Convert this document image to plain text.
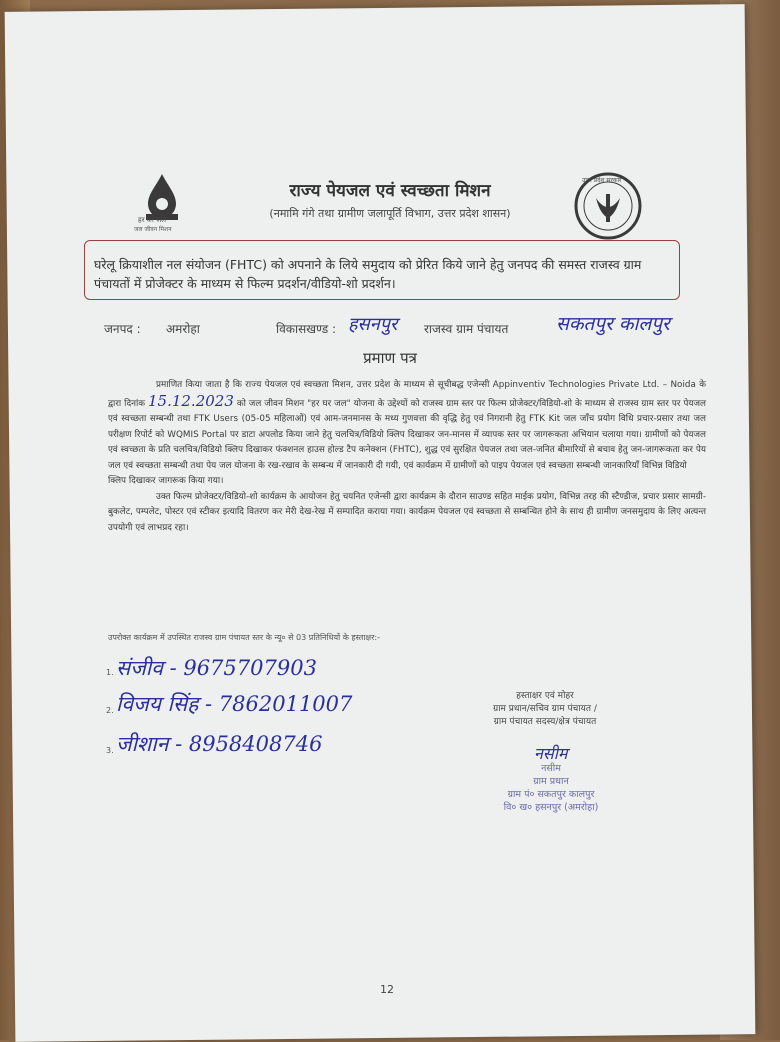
हर घर जल
जल जीवन मिशन
उत्तर प्रदेश सरकार
राज्य पेयजल एवं स्वच्छता मिशन
(नमामि गंगे तथा ग्रामीण जलापूर्ति विभाग, उत्तर प्रदेश शासन)
घरेलू क्रियाशील नल संयोजन (FHTC) को अपनाने के लिये समुदाय को प्रेरित किये जाने हेतु जनपद की समस्त राजस्व ग्राम पंचायतों में प्रोजेक्टर के माध्यम से फिल्म प्रदर्शन/वीडियो-शो प्रदर्शन।
जनपद : अमरोहा	विकासखण्ड : हसनपुर राजस्व ग्राम पंचायत	सकतपुर कालपुर
प्रमाण पत्र

प्रमाणित किया जाता है कि राज्य पेयजल एवं स्वच्छता मिशन, उत्तर प्रदेश के माध्यम से सूचीबद्ध एजेन्सी Appinventiv Technologies Private Ltd. – Noida के द्वारा दिनांक 15.12.2023 को जल जीवन मिशन "हर घर जल" योजना के उद्देश्यों को राजस्व ग्राम स्तर पर फिल्म प्रोजेक्टर/विडियो-शो के माध्यम से राजस्व ग्राम स्तर पर पेयजल एवं स्वच्छता सम्बन्धी तथा FTK Users (05-05 महिलाओं) एवं आम-जनमानस के मध्य गुणवत्ता की वृद्धि हेतु एवं निगरानी हेतु FTK Kit जल जाँच प्रयोग विधि प्रचार-प्रसार तथा जल परीक्षण रिपोर्ट को WQMIS Portal पर डाटा अपलोड किया जाने हेतु चलचित्र/विडियो क्लिप दिखाकर जन-मानस में व्यापक स्तर पर जागरूकता अभियान चलाया गया। ग्रामीणों को पेयजल एवं स्वच्छता के प्रति चलचित्र/विडियो क्लिप दिखाकर फंक्शनल हाउस होल्ड टैप कनेक्शन (FHTC), शुद्ध एवं सुरक्षित पेयजल तथा जल-जनित बीमारियों से बचाव हेतु जन-जागरूकता कर पेय जल एवं स्वच्छता सम्बन्धी तथा पेय जल योजना के रख-रखाव के सम्बन्ध में जानकारी दी गयी, एवं कार्यक्रम में ग्रामीणों को पाइप पेयजल एवं स्वच्छता सम्बन्धी जानकारियाँ विभिन्न विडियो

क्लिप दिखाकर जागरूक किया गया।

उक्त फिल्म प्रोजेक्टर/विडियो-शो कार्यक्रम के आयोजन हेतु चयनित एजेन्सी द्वारा कार्यक्रम के दौरान साउण्ड सहित माईक प्रयोग, विभिन्न तरह की स्टैण्डीज, प्रचार प्रसार सामग्री-बुकलेट, पम्पलेट, पोस्टर एवं स्टीकर इत्यादि वितरण कर मेरी देख-रेख में सम्पादित कराया गया। कार्यक्रम पेयजल एवं स्वच्छता से सम्बन्धित होने के साथ ही ग्रामीण जनसमुदाय के लिए अत्यन्त उपयोगी एवं लाभप्रद रहा।

उपरोक्त कार्यक्रम में उपस्थित राजस्व ग्राम पंचायत स्तर के न्यू० से 03 प्रतिनिधियों के हस्ताक्षर:-
1. संजीव - 9675707903
2. विजय सिंह - 7862011007
3. जीशान - 8958408746
हस्ताक्षर एवं मोहर
ग्राम प्रधान/सचिव ग्राम पंचायत /
ग्राम पंचायत सदस्य/क्षेत्र पंचायत
नसीम
नसीम
ग्राम प्रधान
ग्राम पं० सकतपुर कालपुर
वि० ख० हसनपुर (अमरोहा)
12
